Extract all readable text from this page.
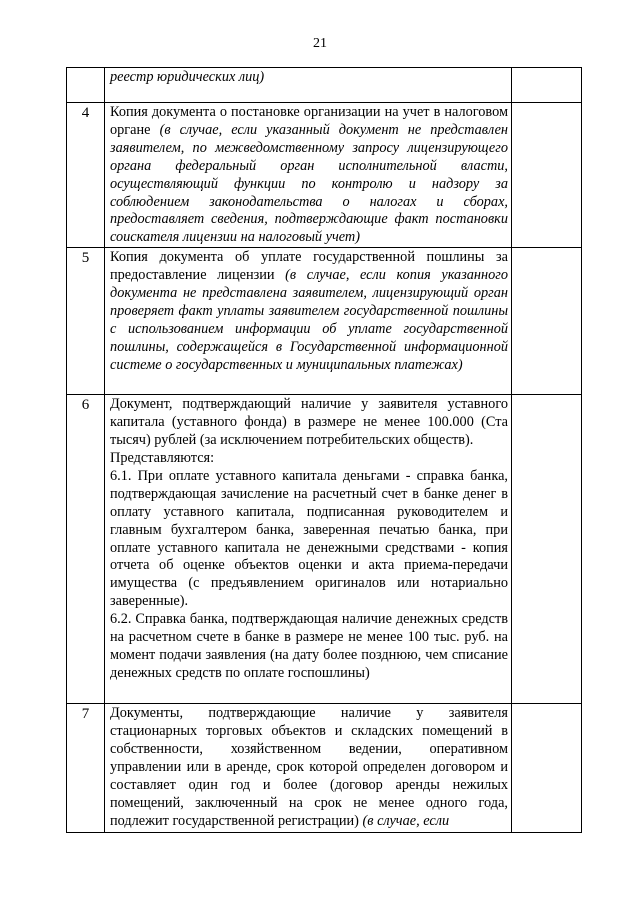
21

	реестр юридических лиц)	

4	Копия документа о постановке организации на учет в налоговом органе (в случае, если указанный документ не представлен заявителем, по межведомственному запросу лицензирующего органа федеральный орган исполнительной власти, осуществляющий функции по контролю и надзору за соблюдением законодательства о налогах и сборах, предоставляет сведения, подтверждающие факт постановки соискателя лицензии на налоговый учет)	

5	Копия документа об уплате государственной пошлины за предоставление лицензии (в случае, если копия указанного документа не представлена заявителем, лицензирующий орган проверяет факт уплаты заявителем государственной пошлины с использованием информации об уплате государственной пошлины, содержащейся в Государственной информационной системе о государственных и муниципальных платежах)	

6	Документ, подтверждающий наличие у заявителя уставного капитала (уставного фонда) в размере не менее 100.000 (Ста тысяч) рублей (за исключением потребительских обществ).

Представляются:

6.1. При оплате уставного капитала деньгами - справка банка, подтверждающая зачисление на расчетный счет в банке денег в оплату уставного капитала, подписанная руководителем и главным бухгалтером банка, заверенная печатью банка, при оплате уставного капитала не денежными средствами - копия отчета об оценке объектов оценки и акта приема-передачи имущества (с предъявлением оригиналов или нотариально заверенные).

6.2. Справка банка, подтверждающая наличие денежных средств на расчетном счете в банке в размере не менее 100 тыс. руб. на момент подачи заявления (на дату более позднюю, чем списание денежных средств по оплате госпошлины)	

7	Документы, подтверждающие наличие у заявителя стационарных торговых объектов и складских помещений в собственности, хозяйственном ведении, оперативном управлении или в аренде, срок которой определен договором и составляет один год и более (договор аренды нежилых помещений, заключенный на срок не менее одного года, подлежит государственной регистрации) (в случае, если	
